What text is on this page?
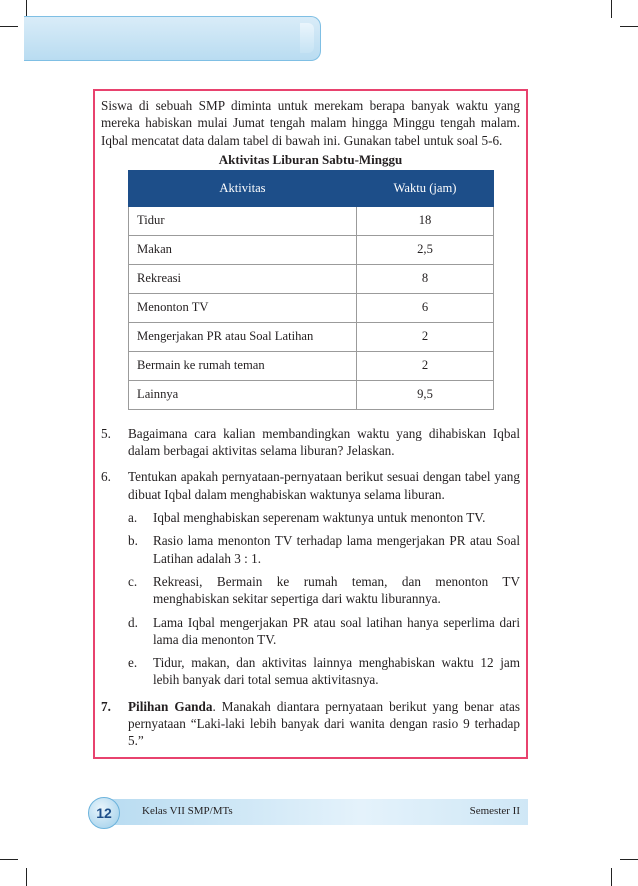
Siswa di sebuah SMP diminta untuk merekam berapa banyak waktu yang mereka habiskan mulai Jumat tengah malam hingga Minggu tengah malam. Iqbal mencatat data dalam tabel di bawah ini. Gunakan tabel untuk soal 5-6.

Aktivitas Liburan Sabtu-Minggu
Aktivitas	Waktu (jam)
Tidur	18
Makan	2,5
Rekreasi	8
Menonton TV	6
Mengerjakan PR atau Soal Latihan	2
Bermain ke rumah teman	2
Lainnya	9,5
5. Bagaimana cara kalian membandingkan waktu yang dihabiskan Iqbal dalam berbagai aktivitas selama liburan? Jelaskan.
6. Tentukan apakah pernyataan-pernyataan berikut sesuai dengan tabel yang dibuat Iqbal dalam menghabiskan waktunya selama liburan.
a. Iqbal menghabiskan seperenam waktunya untuk menonton TV.
b. Rasio lama menonton TV terhadap lama mengerjakan PR atau Soal Latihan adalah 3 : 1.
c. Rekreasi, Bermain ke rumah teman, dan menonton TV menghabiskan sekitar sepertiga dari waktu liburannya.
d. Lama Iqbal mengerjakan PR atau soal latihan hanya seperlima dari lama dia menonton TV.
e. Tidur, makan, dan aktivitas lainnya menghabiskan waktu 12 jam lebih banyak dari total semua aktivitasnya.
7. Pilihan Ganda. Manakah diantara pernyataan berikut yang benar atas pernyataan “Laki-laki lebih banyak dari wanita dengan rasio 9 terhadap 5.”
12	Kelas VII SMP/MTs	Semester II
